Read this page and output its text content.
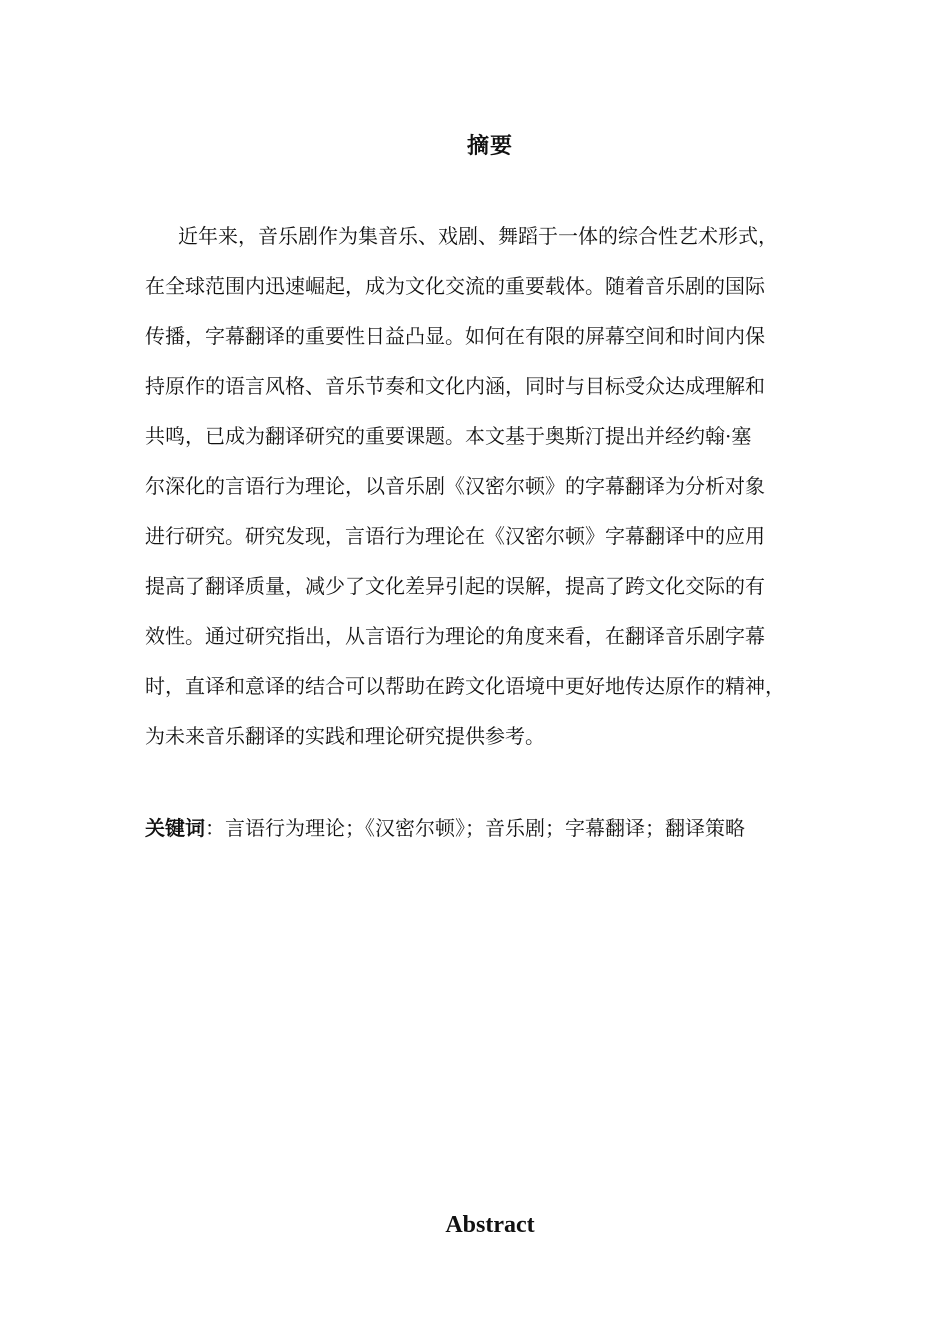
摘要

近年来，音乐剧作为集音乐、戏剧、舞蹈于一体的综合性艺术形式，
在全球范围内迅速崛起，成为文化交流的重要载体。随着音乐剧的国际
传播，字幕翻译的重要性日益凸显。如何在有限的屏幕空间和时间内保
持原作的语言风格、音乐节奏和文化内涵，同时与目标受众达成理解和
共鸣，已成为翻译研究的重要课题。本文基于奥斯汀提出并经约翰·塞
尔深化的言语行为理论，以音乐剧《汉密尔顿》的字幕翻译为分析对象
进行研究。研究发现，言语行为理论在《汉密尔顿》字幕翻译中的应用
提高了翻译质量，减少了文化差异引起的误解，提高了跨文化交际的有
效性。通过研究指出，从言语行为理论的角度来看，在翻译音乐剧字幕
时，直译和意译的结合可以帮助在跨文化语境中更好地传达原作的精神，
为未来音乐翻译的实践和理论研究提供参考。

关键词：言语行为理论；《汉密尔顿》；音乐剧；字幕翻译；翻译策略
Abstract
